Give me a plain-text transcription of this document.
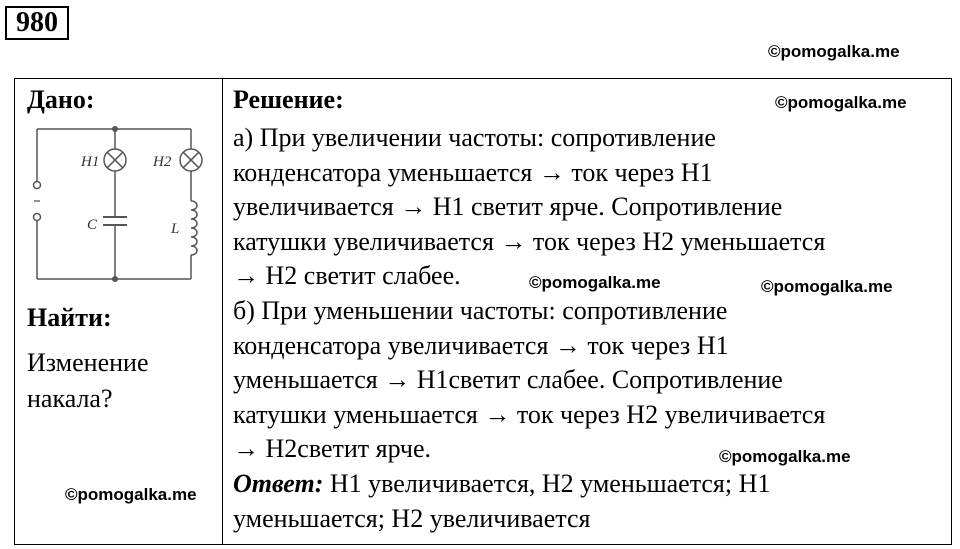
980
©pomogalka.me
Дано:
H1	H2
C	L
Найти:
Изменение
накала?
Решение:

а) При увеличении частоты: сопротивление

конденсатора уменьшается → ток через H1

увеличивается → H1 светит ярче. Сопротивление

катушки увеличивается → ток через H2 уменьшается

→ H2 светит слабее.

б) При уменьшении частоты: сопротивление

конденсатора увеличивается → ток через H1

уменьшается → H1светит слабее. Сопротивление

катушки уменьшается → ток через H2 увеличивается

→ H2светит ярче.

Ответ: H1 увеличивается, H2 уменьшается; H1

уменьшается; H2 увеличивается

©pomogalka.me
©pomogalka.me	©pomogalka.me
©pomogalka.me
©pomogalka.me
